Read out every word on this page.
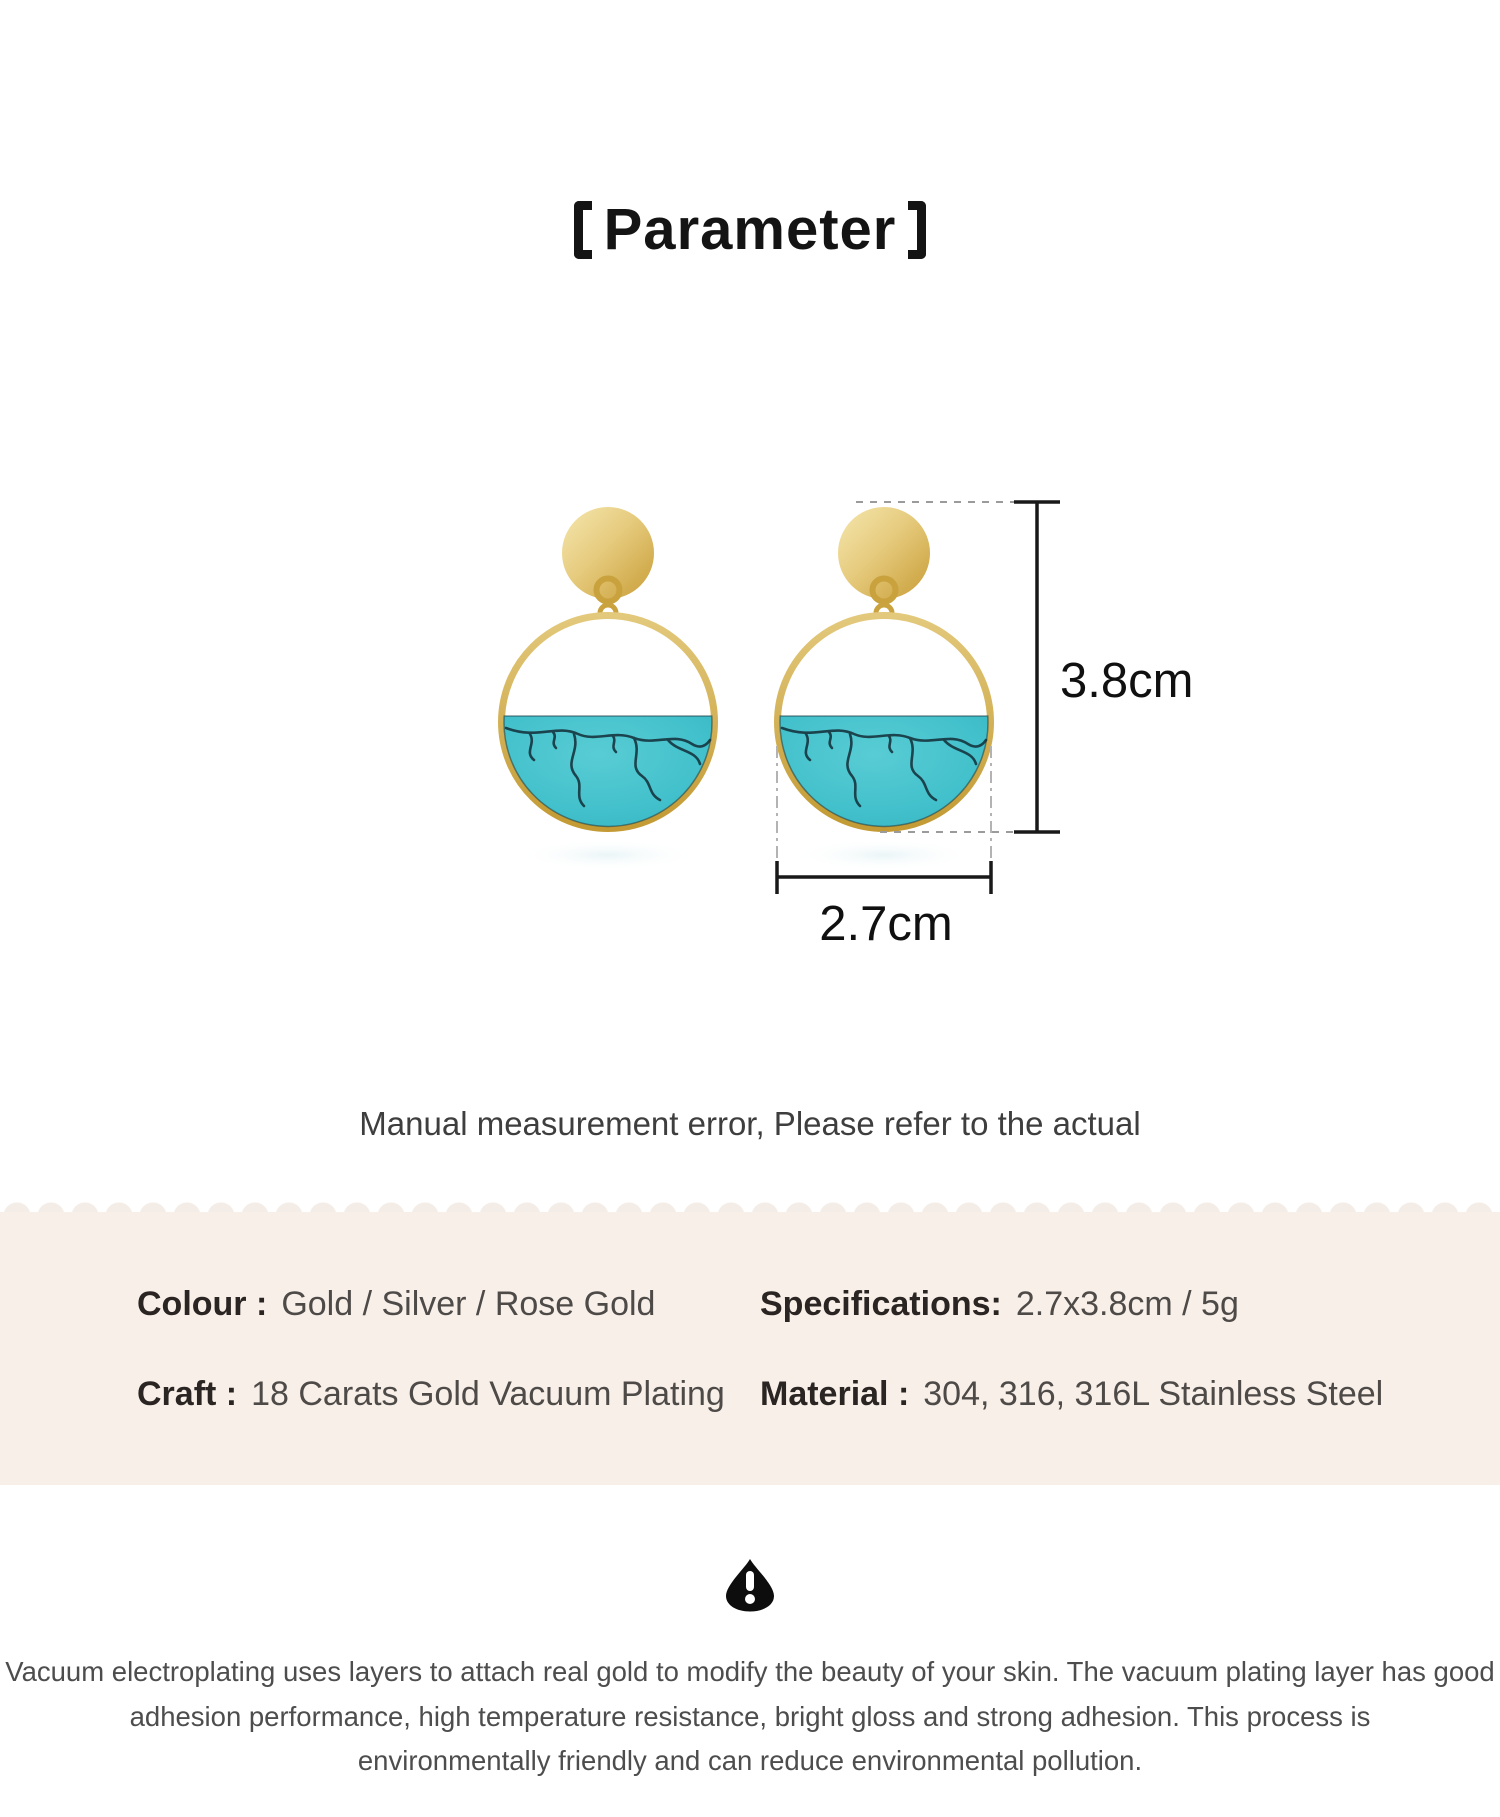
Parameter
3.8cm
2.7cm
Manual measurement error, Please refer to the actual
Colour : Gold / Silver / Rose Gold	Specifications: 2.7x3.8cm / 5g
Craft : 18 Carats Gold Vacuum Plating Material : 304, 316, 316L Stainless Steel
Vacuum electroplating uses layers to attach real gold to modify the beauty of your skin. The vacuum plating layer has good
adhesion performance, high temperature resistance, bright gloss and strong adhesion. This process is
environmentally friendly and can reduce environmental pollution.
